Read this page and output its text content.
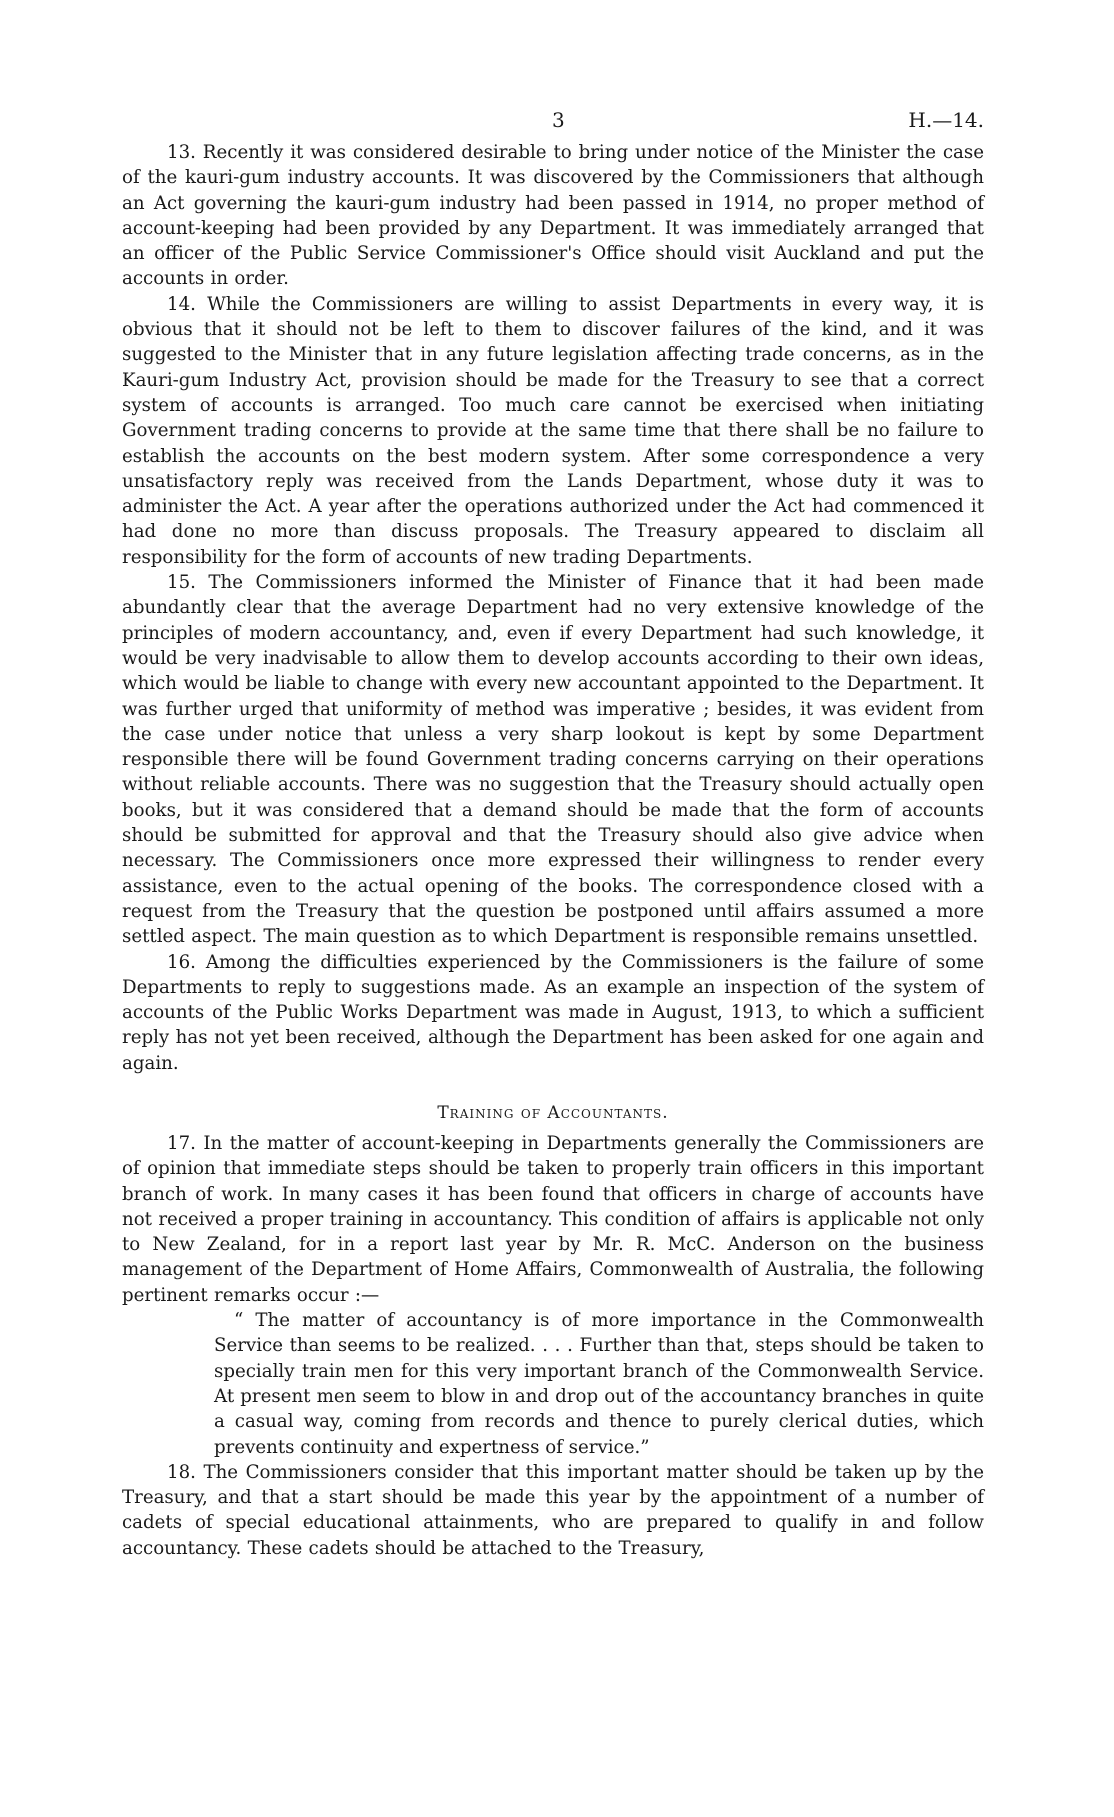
3	H.—14.

13. Recently it was considered desirable to bring under notice of the Minister the case of the kauri-gum industry accounts. It was discovered by the Commissioners that although an Act governing the kauri-gum industry had been passed in 1914, no proper method of account-keeping had been provided by any Department. It was immediately arranged that an officer of the Public Service Commissioner's Office should visit Auckland and put the accounts in order.

14. While the Commissioners are willing to assist Departments in every way, it is obvious that it should not be left to them to discover failures of the kind, and it was suggested to the Minister that in any future legislation affecting trade concerns, as in the Kauri-gum Industry Act, provision should be made for the Treasury to see that a correct system of accounts is arranged. Too much care cannot be exercised when initiating Government trading concerns to provide at the same time that there shall be no failure to establish the accounts on the best modern system. After some correspondence a very unsatisfactory reply was received from the Lands Department, whose duty it was to administer the Act. A year after the operations authorized under the Act had commenced it had done no more than discuss proposals. The Treasury appeared to disclaim all responsibility for the form of accounts of new trading Departments.

15. The Commissioners informed the Minister of Finance that it had been made abundantly clear that the average Department had no very extensive knowledge of the principles of modern accountancy, and, even if every Department had such knowledge, it would be very inadvisable to allow them to develop accounts according to their own ideas, which would be liable to change with every new accountant appointed to the Department. It was further urged that uniformity of method was imperative ; besides, it was evident from the case under notice that unless a very sharp lookout is kept by some Department responsible there will be found Government trading concerns carrying on their operations without reliable accounts. There was no suggestion that the Treasury should actually open books, but it was considered that a demand should be made that the form of accounts should be submitted for approval and that the Treasury should also give advice when necessary. The Commissioners once more expressed their willingness to render every assistance, even to the actual opening of the books. The correspondence closed with a request from the Treasury that the question be postponed until affairs assumed a more settled aspect. The main question as to which Department is responsible remains unsettled.

16. Among the difficulties experienced by the Commissioners is the failure of some Departments to reply to suggestions made. As an example an inspection of the system of accounts of the Public Works Department was made in August, 1913, to which a sufficient reply has not yet been received, although the Department has been asked for one again and again.

Training of Accountants.

17. In the matter of account-keeping in Departments generally the Commissioners are of opinion that immediate steps should be taken to properly train officers in this important branch of work. In many cases it has been found that officers in charge of accounts have not received a proper training in accountancy. This condition of affairs is applicable not only to New Zealand, for in a report last year by Mr. R. McC. Anderson on the business management of the Department of Home Affairs, Commonwealth of Australia, the following pertinent remarks occur :—

“ The matter of accountancy is of more importance in the Commonwealth Service than seems to be realized. . . . Further than that, steps should be taken to specially train men for this very important branch of the Commonwealth Service. At present men seem to blow in and drop out of the accountancy branches in quite a casual way, coming from records and thence to purely clerical duties, which prevents continuity and expertness of service.”

18. The Commissioners consider that this important matter should be taken up by the Treasury, and that a start should be made this year by the appointment of a number of cadets of special educational attainments, who are prepared to qualify in and follow accountancy. These cadets should be attached to the Treasury,
